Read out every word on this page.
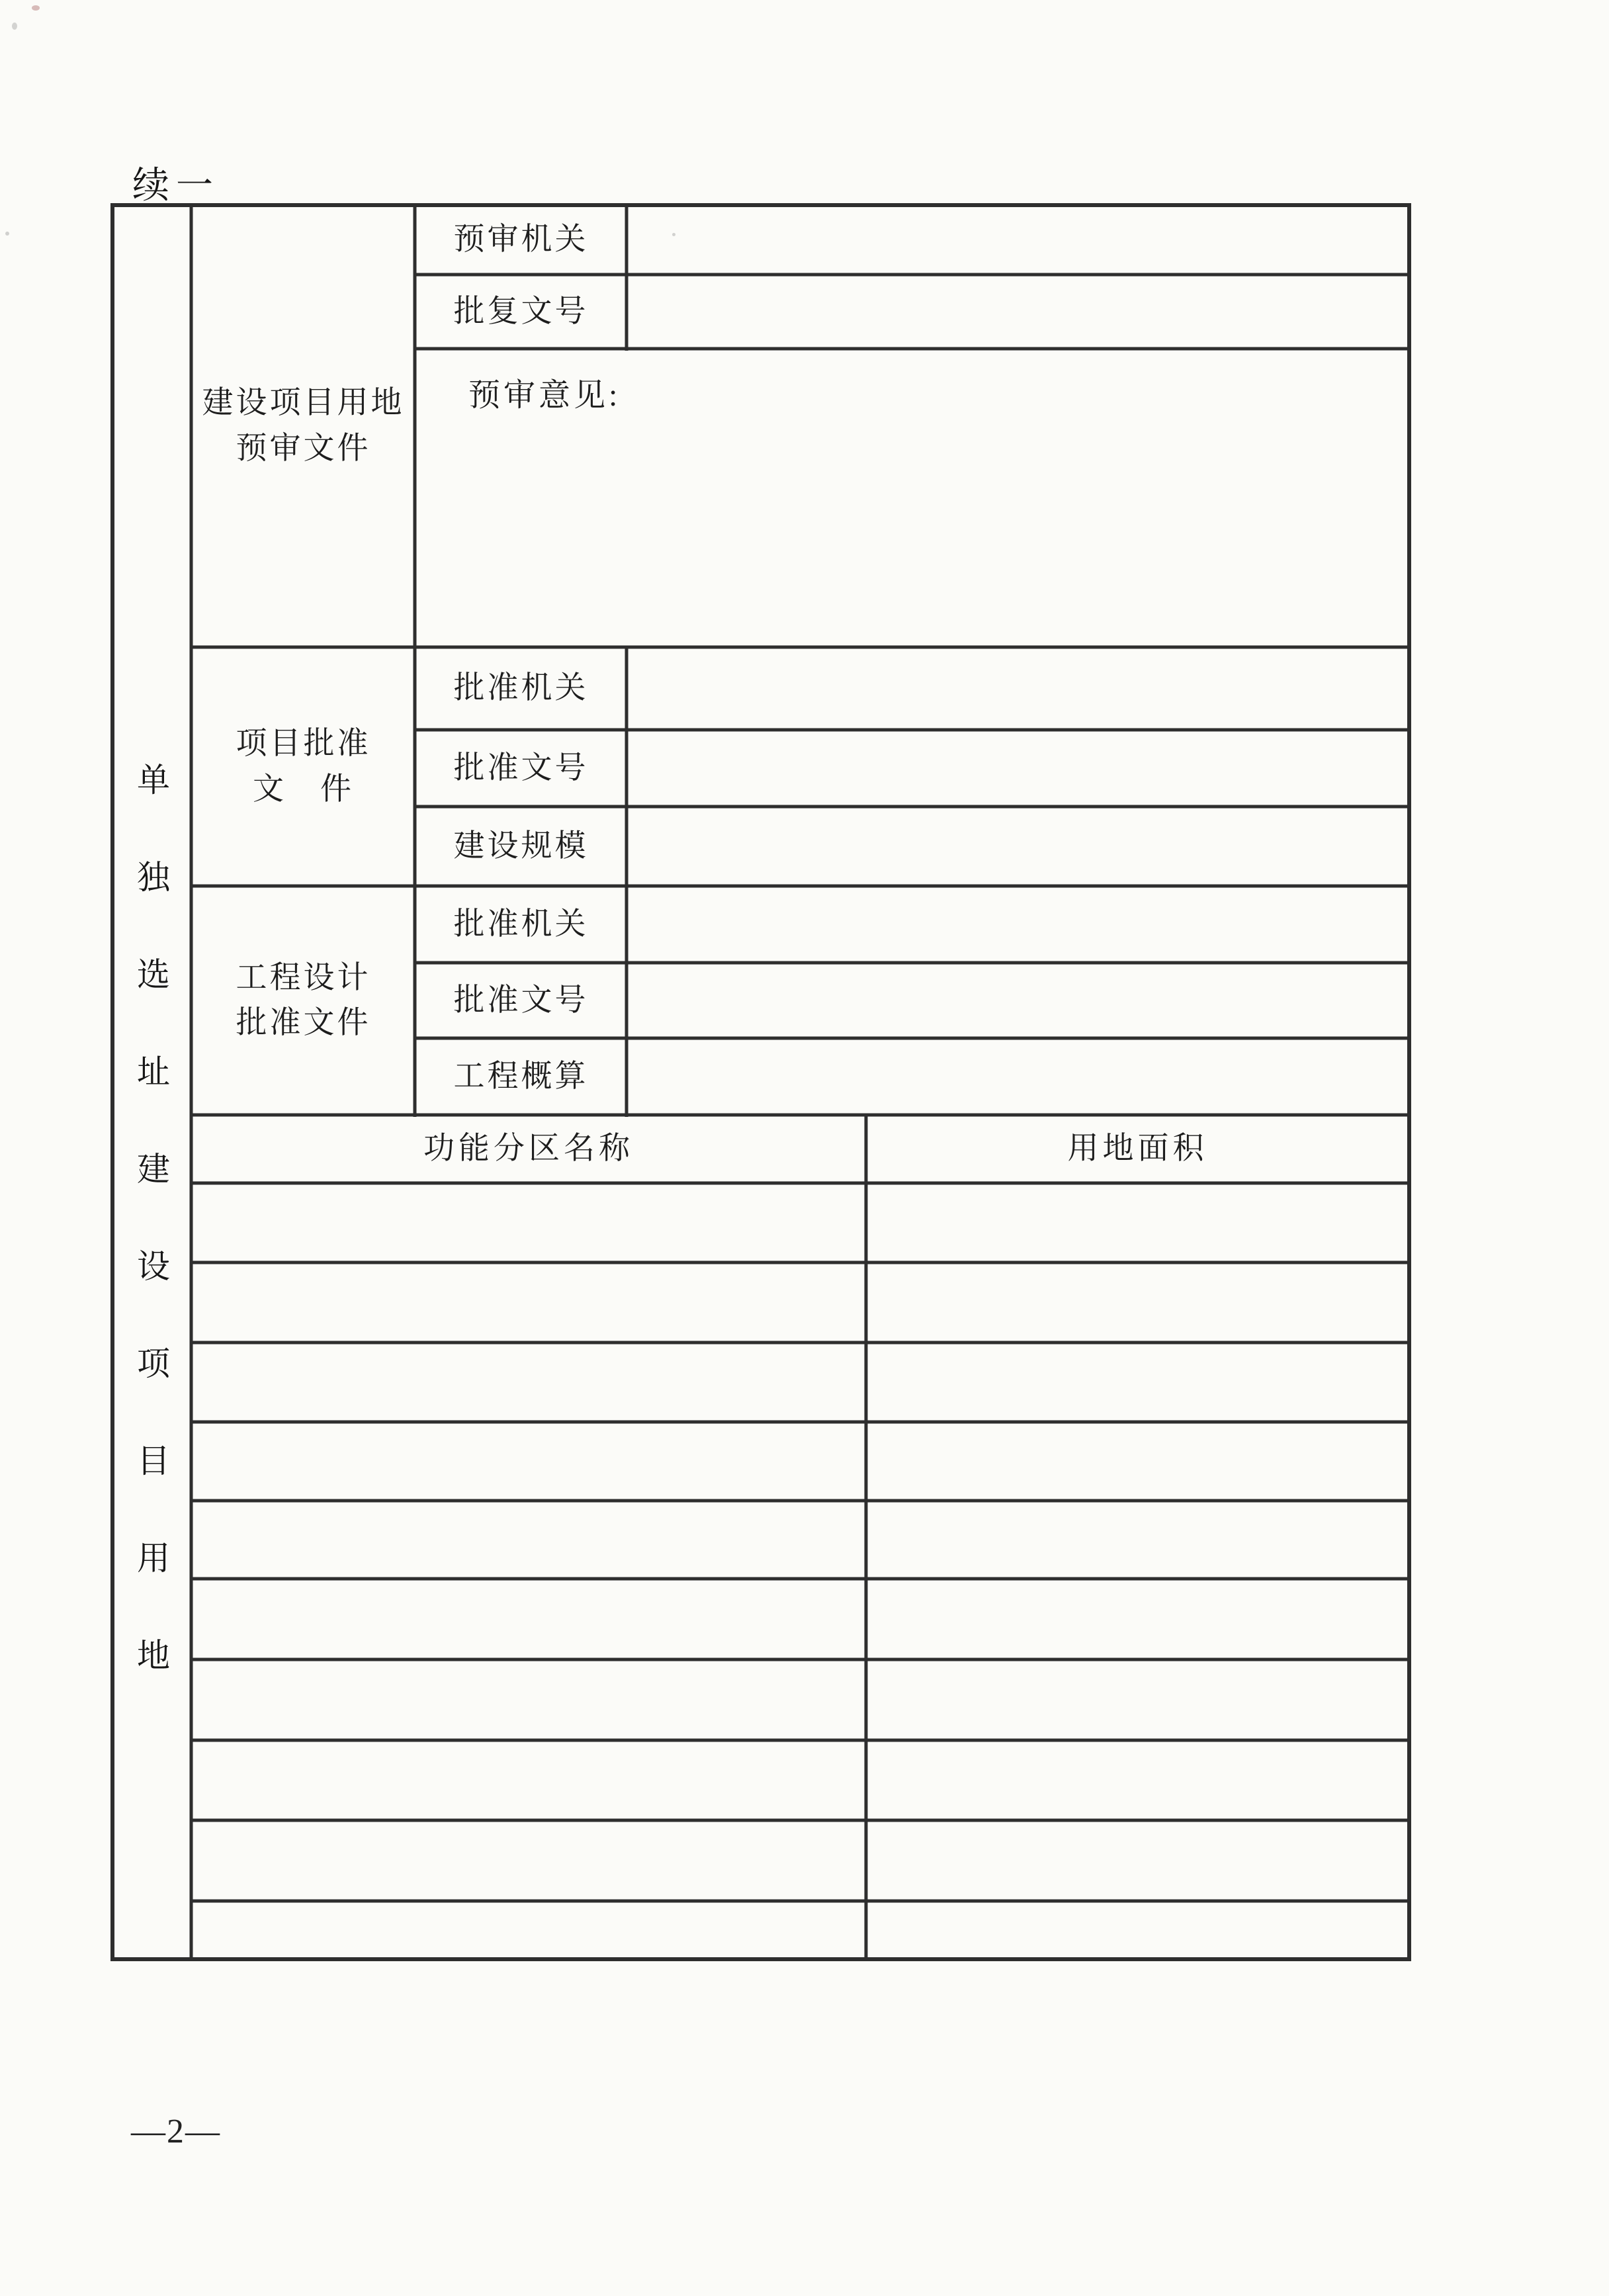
续一
单独选址建设项目用地
建设项目用地
预审文件
预审机关
批复文号
预审意见:
项目批准
文　件
批准机关
批准文号
建设规模
工程设计
批准文件
批准机关
批准文号
工程概算
功能分区名称	用地面积
—2—
